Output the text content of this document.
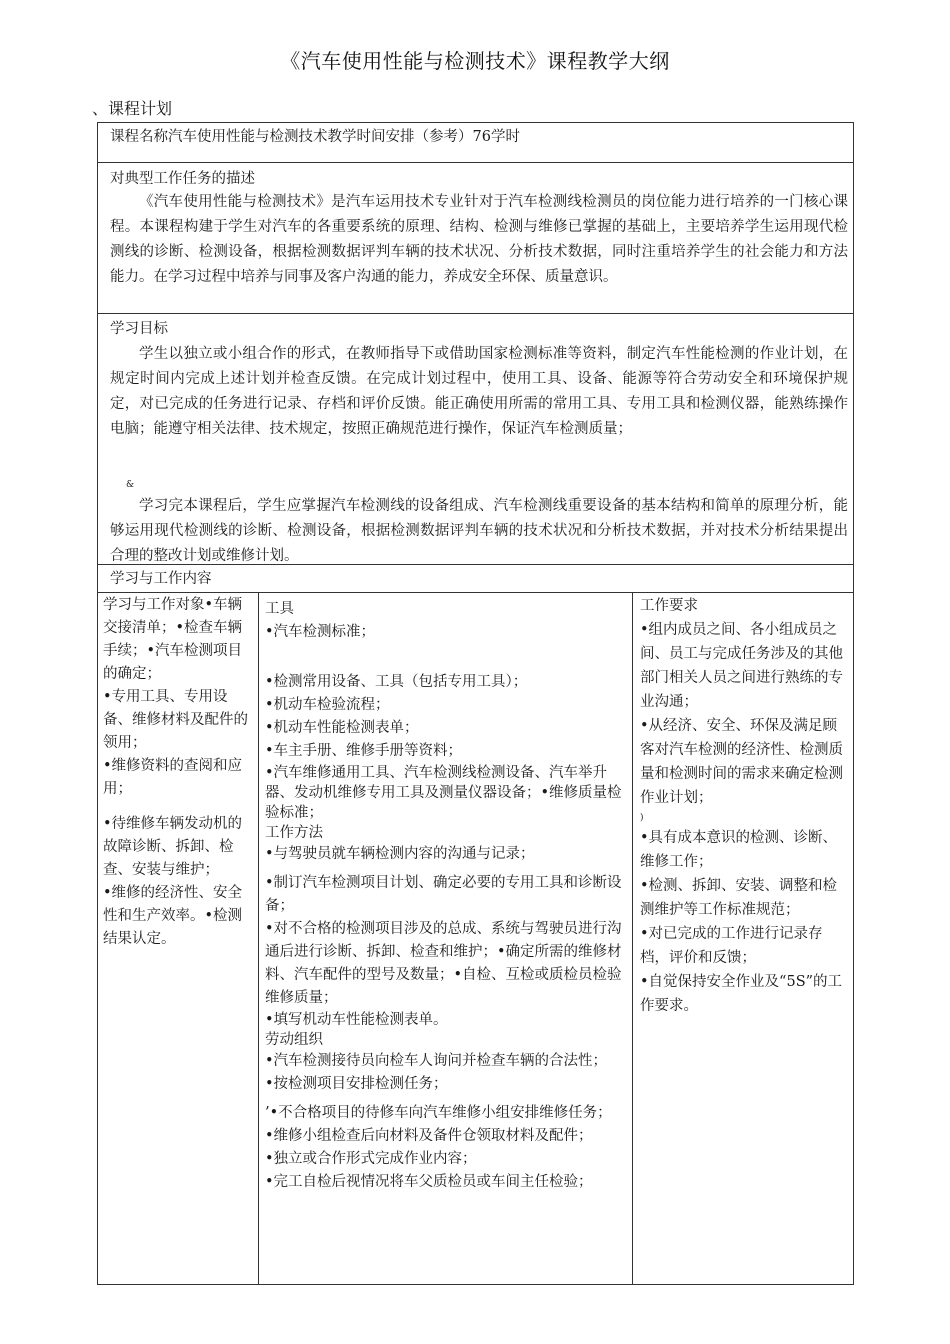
《汽车使用性能与检测技术》课程教学大纲
、课程计划
课程名称汽车使用性能与检测技术教学时间安排（参考）76学时
对典型工作任务的描述
《汽车使用性能与检测技术》是汽车运用技术专业针对于汽车检测线检测员的岗位能力进行培养的一门核心课程。本课程构建于学生对汽车的各重要系统的原理、结构、检测与维修已掌握的基础上，主要培养学生运用现代检测线的诊断、检测设备，根据检测数据评判车辆的技术状况、分析技术数据，同时注重培养学生的社会能力和方法能力。在学习过程中培养与同事及客户沟通的能力，养成安全环保、质量意识。
学习目标
学生以独立或小组合作的形式，在教师指导下或借助国家检测标准等资料，制定汽车性能检测的作业计划，在规定时间内完成上述计划并检查反馈。在完成计划过程中，使用工具、设备、能源等符合劳动安全和环境保护规定，对已完成的任务进行记录、存档和评价反馈。能正确使用所需的常用工具、专用工具和检测仪器，能熟练操作电脑；能遵守相关法律、技术规定，按照正确规范进行操作，保证汽车检测质量；
&
学习完本课程后，学生应掌握汽车检测线的设备组成、汽车检测线重要设备的基本结构和简单的原理分析，能够运用现代检测线的诊断、检测设备，根据检测数据评判车辆的技术状况和分析技术数据，并对技术分析结果提出合理的整改计划或维修计划。
学习与工作内容

学习与工作对象•车辆交接清单；•检查车辆手续；•汽车检测项目的确定；

•专用工具、专用设备、维修材料及配件的领用；

•维修资料的查阅和应用；

•待维修车辆发动机的故障诊断、拆卸、检查、安装与维护；

•维修的经济性、安全性和生产效率。•检测结果认定。

工具

•汽车检测标准；

•检测常用设备、工具（包括专用工具）；

•机动车检验流程；

•机动车性能检测表单；

•车主手册、维修手册等资料；

•汽车维修通用工具、汽车检测线检测设备、汽车举升器、发动机维修专用工具及测量仪器设备；•维修质量检验标准；

工作方法

•与驾驶员就车辆检测内容的沟通与记录；

•制订汽车检测项目计划、确定必要的专用工具和诊断设备；

•对不合格的检测项目涉及的总成、系统与驾驶员进行沟通后进行诊断、拆卸、检查和维护；•确定所需的维修材料、汽车配件的型号及数量；•自检、互检或质检员检验维修质量；

•填写机动车性能检测表单。

劳动组织

•汽车检测接待员向检车人询问并检查车辆的合法性；

•按检测项目安排检测任务；

’•不合格项目的待修车向汽车维修小组安排维修任务；

•维修小组检查后向材料及备件仓领取材料及配件；

•独立或合作形式完成作业内容；

•完工自检后视情况将车父质检员或车间主任检验；

工作要求

•组内成员之间、各小组成员之间、员工与完成任务涉及的其他部门相关人员之间进行熟练的专业沟通；

•从经济、安全、环保及满足顾客对汽车检测的经济性、检测质量和检测时间的需求来确定检测作业计划；

)

•具有成本意识的检测、诊断、维修工作；

•检测、拆卸、安装、调整和检测维护等工作标准规范；

•对已完成的工作进行记录存档，评价和反馈；

•自觉保持安全作业及“5S”的工作要求。
